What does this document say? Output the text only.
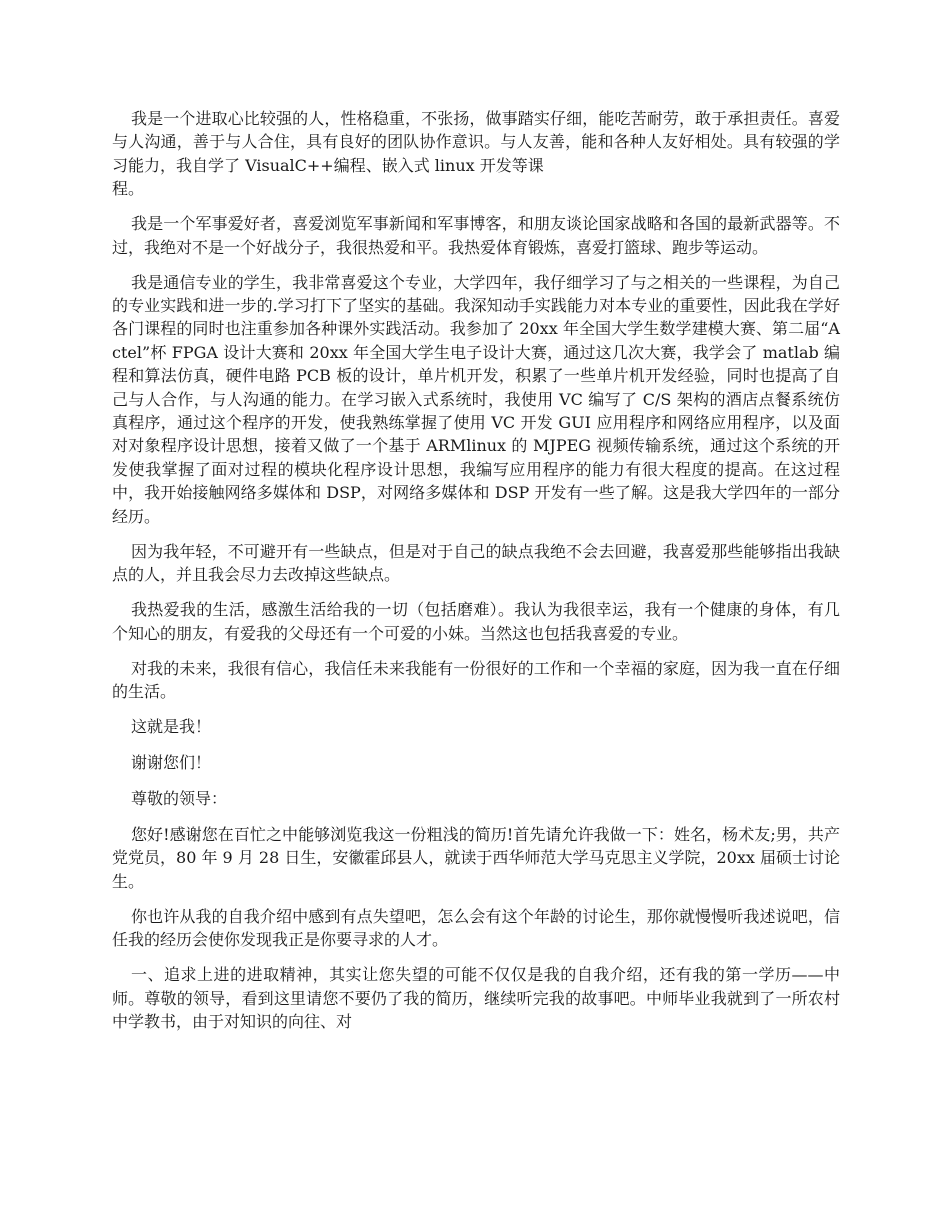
我是一个进取心比较强的人，性格稳重，不张扬，做事踏实仔细，能吃苦耐劳，敢于承担责任。喜爱与人沟通，善于与人合住，具有良好的团队协作意识。与人友善，能和各种人友好相处。具有较强的学习能力，我自学了 VisualC++编程、嵌入式 linux 开发等课
程。

我是一个军事爱好者，喜爱浏览军事新闻和军事博客，和朋友谈论国家战略和各国的最新武器等。不过，我绝对不是一个好战分子，我很热爱和平。我热爱体育锻炼，喜爱打篮球、跑步等运动。

我是通信专业的学生，我非常喜爱这个专业，大学四年，我仔细学习了与之相关的一些课程，为自己的专业实践和进一步的.学习打下了坚实的基础。我深知动手实践能力对本专业的重要性，因此我在学好各门课程的同时也注重参加各种课外实践活动。我参加了 20xx 年全国大学生数学建模大赛、第二届“Actel”杯 FPGA 设计大赛和 20xx 年全国大学生电子设计大赛，通过这几次大赛，我学会了 matlab 编程和算法仿真，硬件电路 PCB 板的设计，单片机开发，积累了一些单片机开发经验，同时也提高了自己与人合作，与人沟通的能力。在学习嵌入式系统时，我使用 VC 编写了 C/S 架构的酒店点餐系统仿真程序，通过这个程序的开发，使我熟练掌握了使用 VC 开发 GUI 应用程序和网络应用程序，以及面对对象程序设计思想，接着又做了一个基于 ARMlinux 的 MJPEG 视频传输系统，通过这个系统的开发使我掌握了面对过程的模块化程序设计思想，我编写应用程序的能力有很大程度的提高。在这过程中，我开始接触网络多媒体和 DSP，对网络多媒体和 DSP 开发有一些了解。这是我大学四年的一部分经历。

因为我年轻，不可避开有一些缺点，但是对于自己的缺点我绝不会去回避，我喜爱那些能够指出我缺点的人，并且我会尽力去改掉这些缺点。

我热爱我的生活，感激生活给我的一切（包括磨难）。我认为我很幸运，我有一个健康的身体，有几个知心的朋友，有爱我的父母还有一个可爱的小妹。当然这也包括我喜爱的专业。

对我的未来，我很有信心，我信任未来我能有一份很好的工作和一个幸福的家庭，因为我一直在仔细的生活。

这就是我！

谢谢您们！

尊敬的领导：

您好!感谢您在百忙之中能够浏览我这一份粗浅的简历!首先请允许我做一下：姓名，杨术友;男，共产党党员，80 年 9 月 28 日生，安徽霍邱县人，就读于西华师范大学马克思主义学院，20xx 届硕士讨论生。

你也许从我的自我介绍中感到有点失望吧，怎么会有这个年龄的讨论生，那你就慢慢听我述说吧，信任我的经历会使你发现我正是你要寻求的人才。

一、追求上进的进取精神，其实让您失望的可能不仅仅是我的自我介绍，还有我的第一学历——中师。尊敬的领导，看到这里请您不要仍了我的简历，继续听完我的故事吧。中师毕业我就到了一所农村中学教书，由于对知识的向往、对
